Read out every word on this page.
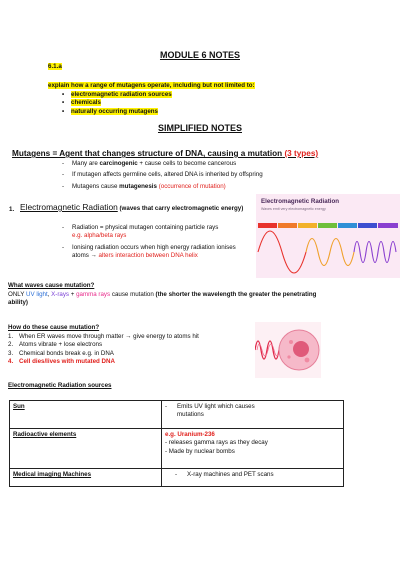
MODULE 6 NOTES
6.1.a
explain how a range of mutagens operate, including but not limited to:
• electromagnetic radiation sources
• chemicals
• naturally occurring mutagens
SIMPLIFIED NOTES
Mutagens = Agent that changes structure of DNA, causing a mutation (3 types)
- Many are carcinogenic + cause cells to become cancerous
- If mutagen affects germline cells, altered DNA is inherited by offspring
- Mutagens cause mutagenesis (occurrence of mutation)
1. Electromagnetic Radiation (waves that carry electromagnetic energy)
- Radiation = physical mutagen containing particle rays
e.g. alpha/beta rays
- Ionising radiation occurs when high energy radiation ionises atoms → alters interaction between DNA helix
Electromagnetic Radiation
Waves emit very electromagnetic energy
What waves cause mutation?
ONLY UV light, X-rays + gamma rays cause mutation (the shorter the wavelength the greater the penetrating ability)
How do these cause mutation?
1. When ER waves move through matter → give energy to atoms hit
2. Atoms vibrate + lose electrons
3. Chemical bonds break e.g. in DNA
4. Cell dies/lives with mutated DNA
Electromagnetic Radiation sources
Sun	- Emits UV light which causes
mutations

Radioactive elements	e.g. Uranium-236
- releases gamma rays as they decay
- Made by nuclear bombs

Medical imaging Machines	- X-ray machines and PET scans
